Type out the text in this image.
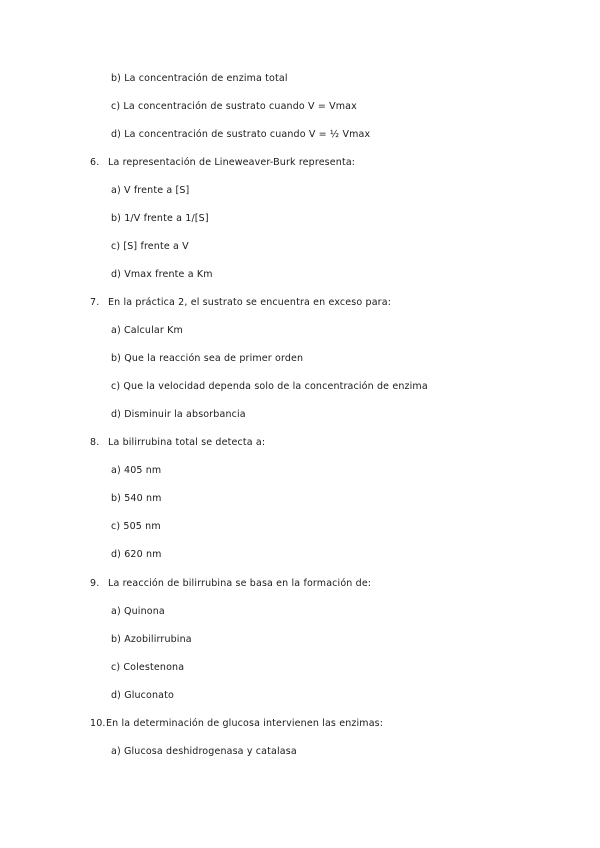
b) La concentración de enzima total
c) La concentración de sustrato cuando V = Vmax
d) La concentración de sustrato cuando V = ½ Vmax
6. La representación de Lineweaver-Burk representa:
a) V frente a [S]
b) 1/V frente a 1/[S]
c) [S] frente a V
d) Vmax frente a Km
7. En la práctica 2, el sustrato se encuentra en exceso para:
a) Calcular Km
b) Que la reacción sea de primer orden
c) Que la velocidad dependa solo de la concentración de enzima
d) Disminuir la absorbancia
8. La bilirrubina total se detecta a:
a) 405 nm
b) 540 nm
c) 505 nm
d) 620 nm
9. La reacción de bilirrubina se basa en la formación de:
a) Quinona
b) Azobilirrubina
c) Colestenona
d) Gluconato
10. En la determinación de glucosa intervienen las enzimas:
a) Glucosa deshidrogenasa y catalasa
